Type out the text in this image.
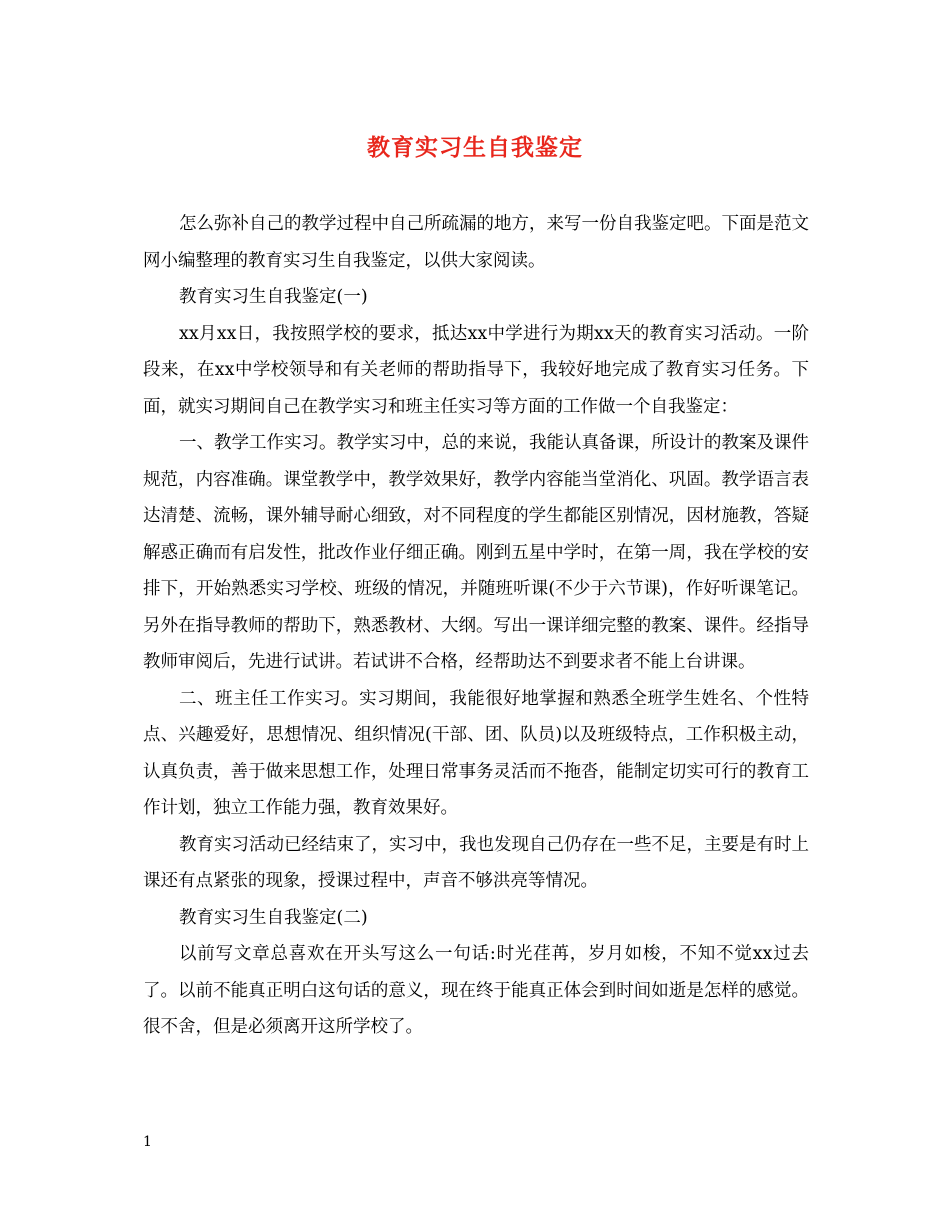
教育实习生自我鉴定

怎么弥补自己的教学过程中自己所疏漏的地方，来写一份自我鉴定吧。下面是范文网小编整理的教育实习生自我鉴定，以供大家阅读。

教育实习生自我鉴定(一)

xx月xx日，我按照学校的要求，抵达xx中学进行为期xx天的教育实习活动。一阶段来，在xx中学校领导和有关老师的帮助指导下，我较好地完成了教育实习任务。下面，就实习期间自己在教学实习和班主任实习等方面的工作做一个自我鉴定：

一、教学工作实习。教学实习中，总的来说，我能认真备课，所设计的教案及课件规范，内容准确。课堂教学中，教学效果好，教学内容能当堂消化、巩固。教学语言表达清楚、流畅，课外辅导耐心细致，对不同程度的学生都能区别情况，因材施教，答疑解惑正确而有启发性，批改作业仔细正确。刚到五星中学时，在第一周，我在学校的安排下，开始熟悉实习学校、班级的情况，并随班听课(不少于六节课)，作好听课笔记。另外在指导教师的帮助下，熟悉教材、大纲。写出一课详细完整的教案、课件。经指导教师审阅后，先进行试讲。若试讲不合格，经帮助达不到要求者不能上台讲课。

二、班主任工作实习。实习期间，我能很好地掌握和熟悉全班学生姓名、个性特点、兴趣爱好，思想情况、组织情况(干部、团、队员)以及班级特点，工作积极主动，认真负责，善于做来思想工作，处理日常事务灵活而不拖沓，能制定切实可行的教育工作计划，独立工作能力强，教育效果好。

教育实习活动已经结束了，实习中，我也发现自己仍存在一些不足，主要是有时上课还有点紧张的现象，授课过程中，声音不够洪亮等情况。

教育实习生自我鉴定(二)

以前写文章总喜欢在开头写这么一句话:时光荏苒，岁月如梭，不知不觉xx过去了。以前不能真正明白这句话的意义，现在终于能真正体会到时间如逝是怎样的感觉。很不舍，但是必须离开这所学校了。

1
